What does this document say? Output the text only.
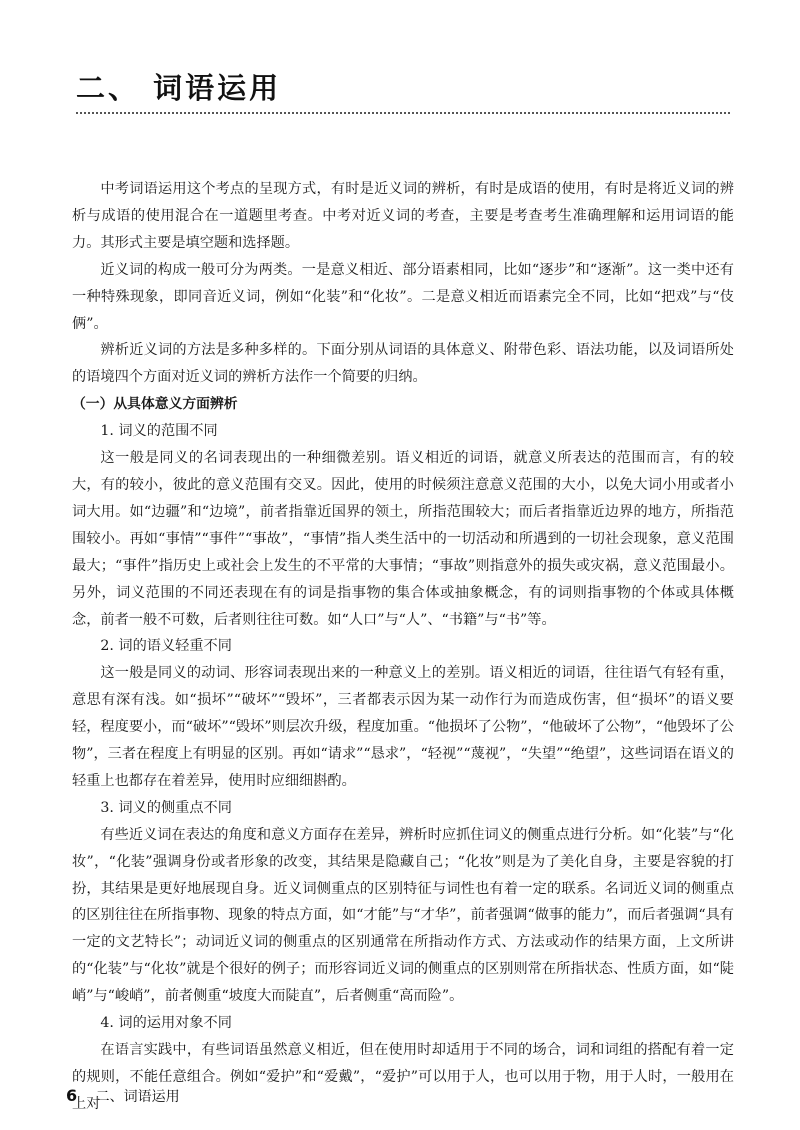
二、 词语运用

中考词语运用这个考点的呈现方式，有时是近义词的辨析，有时是成语的使用，有时是将近义词的辨析与成语的使用混合在一道题里考查。中考对近义词的考查，主要是考查考生准确理解和运用词语的能力。其形式主要是填空题和选择题。

近义词的构成一般可分为两类。一是意义相近、部分语素相同，比如“逐步”和“逐渐”。这一类中还有一种特殊现象，即同音近义词，例如“化装”和“化妆”。二是意义相近而语素完全不同，比如“把戏”与“伎俩”。

辨析近义词的方法是多种多样的。下面分别从词语的具体意义、附带色彩、语法功能，以及词语所处的语境四个方面对近义词的辨析方法作一个简要的归纳。

（一）从具体意义方面辨析

1. 词义的范围不同

这一般是同义的名词表现出的一种细微差别。语义相近的词语，就意义所表达的范围而言，有的较大，有的较小，彼此的意义范围有交叉。因此，使用的时候须注意意义范围的大小，以免大词小用或者小词大用。如“边疆”和“边境”，前者指靠近国界的领土，所指范围较大；而后者指靠近边界的地方，所指范围较小。再如“事情”“事件”“事故”，“事情”指人类生活中的一切活动和所遇到的一切社会现象，意义范围最大；“事件”指历史上或社会上发生的不平常的大事情；“事故”则指意外的损失或灾祸，意义范围最小。另外，词义范围的不同还表现在有的词是指事物的集合体或抽象概念，有的词则指事物的个体或具体概念，前者一般不可数，后者则往往可数。如“人口”与“人”、“书籍”与“书”等。

2. 词的语义轻重不同

这一般是同义的动词、形容词表现出来的一种意义上的差别。语义相近的词语，往往语气有轻有重，意思有深有浅。如“损坏”“破坏”“毁坏”，三者都表示因为某一动作行为而造成伤害，但“损坏”的语义要轻，程度要小，而“破坏”“毁坏”则层次升级，程度加重。“他损坏了公物”，“他破坏了公物”，“他毁坏了公物”，三者在程度上有明显的区别。再如“请求”“恳求”，“轻视”“蔑视”，“失望”“绝望”，这些词语在语义的轻重上也都存在着差异，使用时应细细斟酌。

3. 词义的侧重点不同

有些近义词在表达的角度和意义方面存在差异，辨析时应抓住词义的侧重点进行分析。如“化装”与“化妆”，“化装”强调身份或者形象的改变，其结果是隐藏自己；“化妆”则是为了美化自身，主要是容貌的打扮，其结果是更好地展现自身。近义词侧重点的区别特征与词性也有着一定的联系。名词近义词的侧重点的区别往往在所指事物、现象的特点方面，如“才能”与“才华”，前者强调“做事的能力”，而后者强调“具有一定的文艺特长”；动词近义词的侧重点的区别通常在所指动作方式、方法或动作的结果方面，上文所讲的“化装”与“化妆”就是个很好的例子；而形容词近义词的侧重点的区别则常在所指状态、性质方面，如“陡峭”与“峻峭”，前者侧重“坡度大而陡直”，后者侧重“高而险”。

4. 词的运用对象不同

在语言实践中，有些词语虽然意义相近，但在使用时却适用于不同的场合，词和词组的搭配有着一定的规则，不能任意组合。例如“爱护”和“爱戴”，“爱护”可以用于人，也可以用于物，用于人时，一般用在上对

6 二、词语运用
